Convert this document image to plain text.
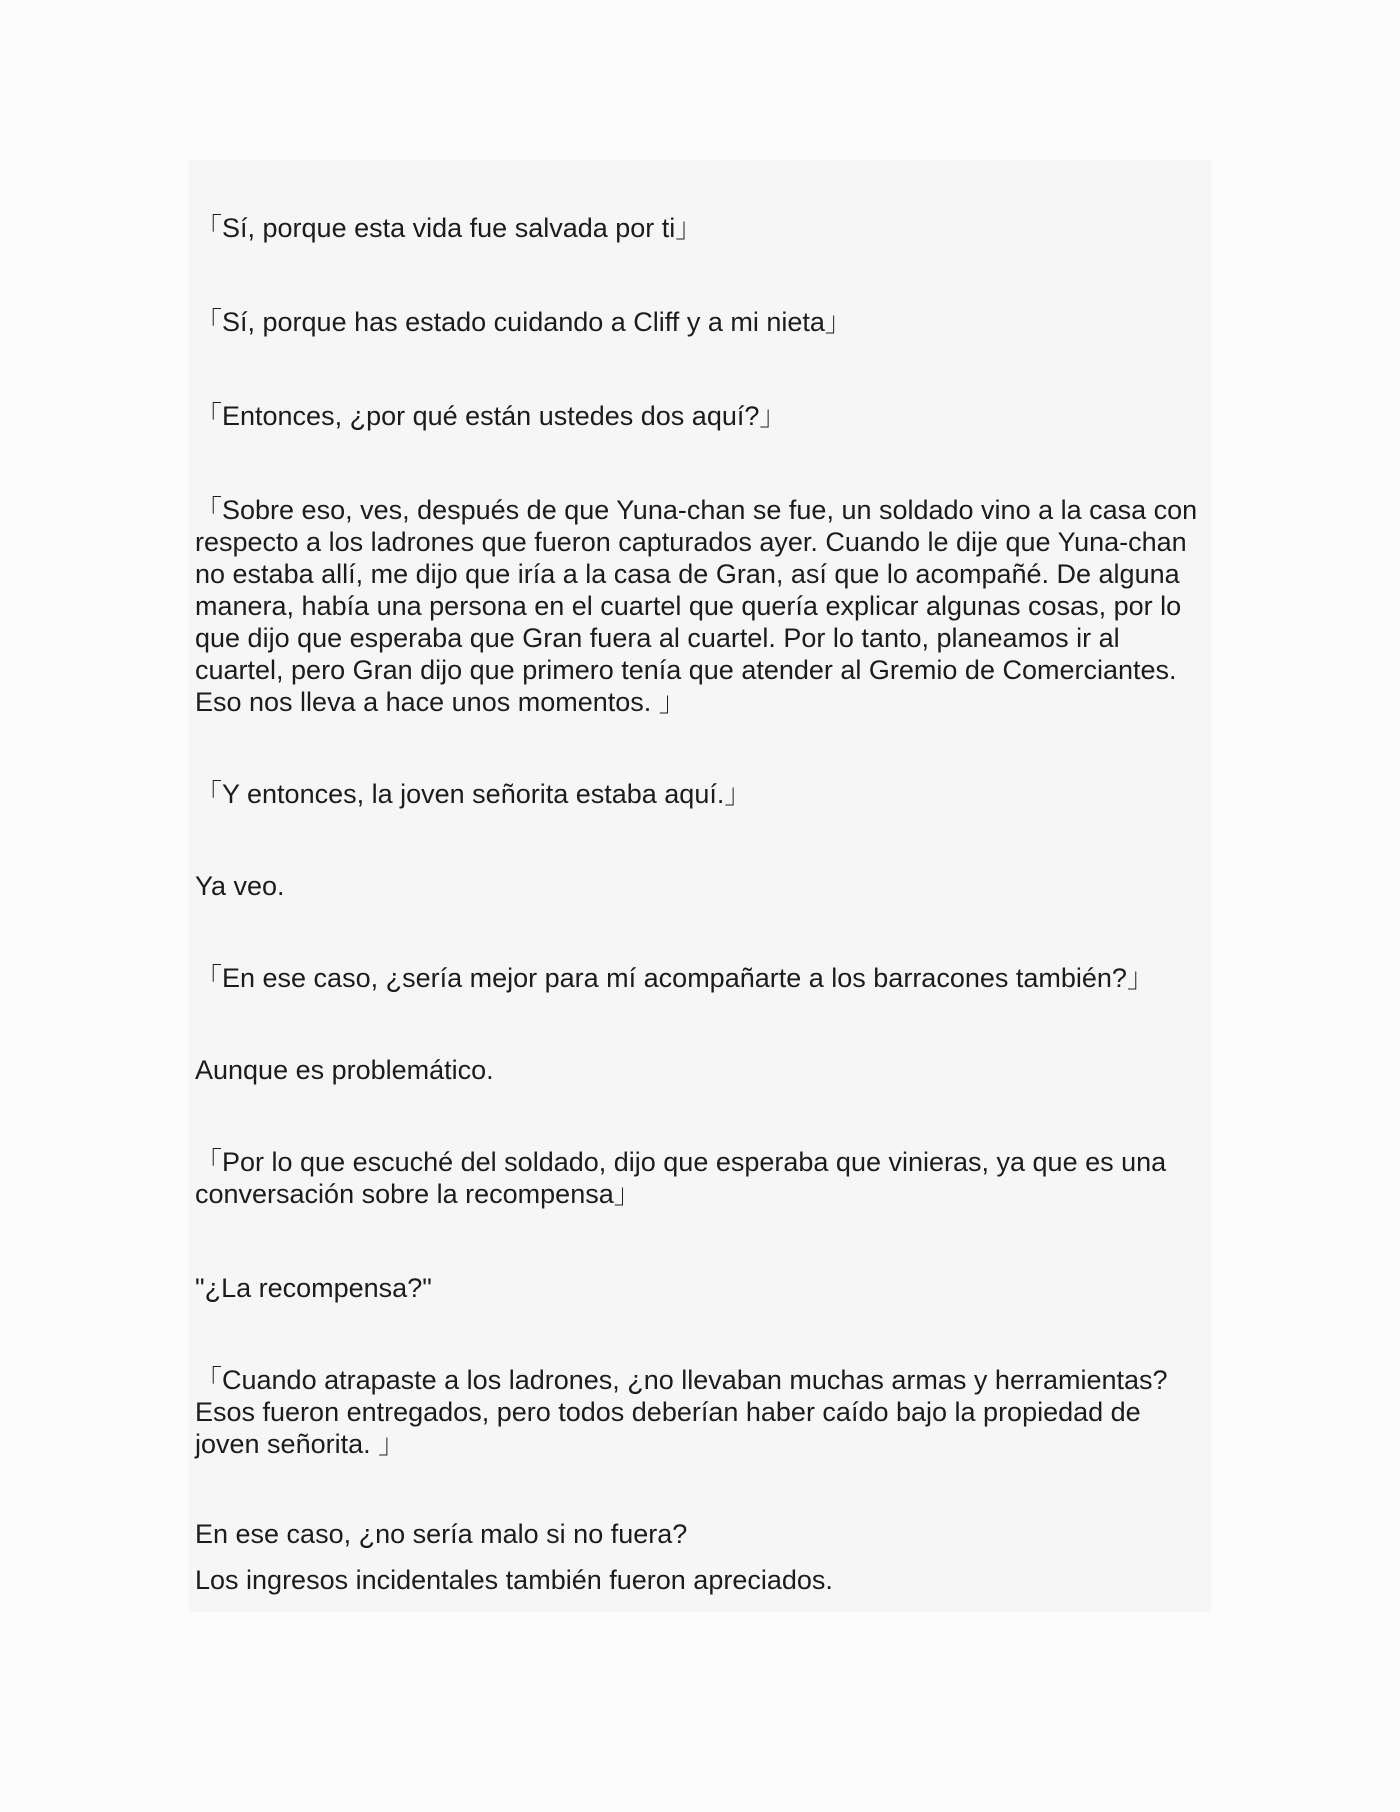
「Sí, porque esta vida fue salvada por ti」

「Sí, porque has estado cuidando a Cliff y a mi nieta」

「Entonces, ¿por qué están ustedes dos aquí?」

「Sobre eso, ves, después de que Yuna-chan se fue, un soldado vino a la casa con respecto a los ladrones que fueron capturados ayer. Cuando le dije que Yuna-chan no estaba allí, me dijo que iría a la casa de Gran, así que lo acompañé. De alguna manera, había una persona en el cuartel que quería explicar algunas cosas, por lo que dijo que esperaba que Gran fuera al cuartel. Por lo tanto, planeamos ir al cuartel, pero Gran dijo que primero tenía que atender al Gremio de Comerciantes. Eso nos lleva a hace unos momentos. 」

「Y entonces, la joven señorita estaba aquí.」

Ya veo.

「En ese caso, ¿sería mejor para mí acompañarte a los barracones también?」

Aunque es problemático.

「Por lo que escuché del soldado, dijo que esperaba que vinieras, ya que es una conversación sobre la recompensa」

"¿La recompensa?"

「Cuando atrapaste a los ladrones, ¿no llevaban muchas armas y herramientas? Esos fueron entregados, pero todos deberían haber caído bajo la propiedad de joven señorita. 」

En ese caso, ¿no sería malo si no fuera?

Los ingresos incidentales también fueron apreciados.
